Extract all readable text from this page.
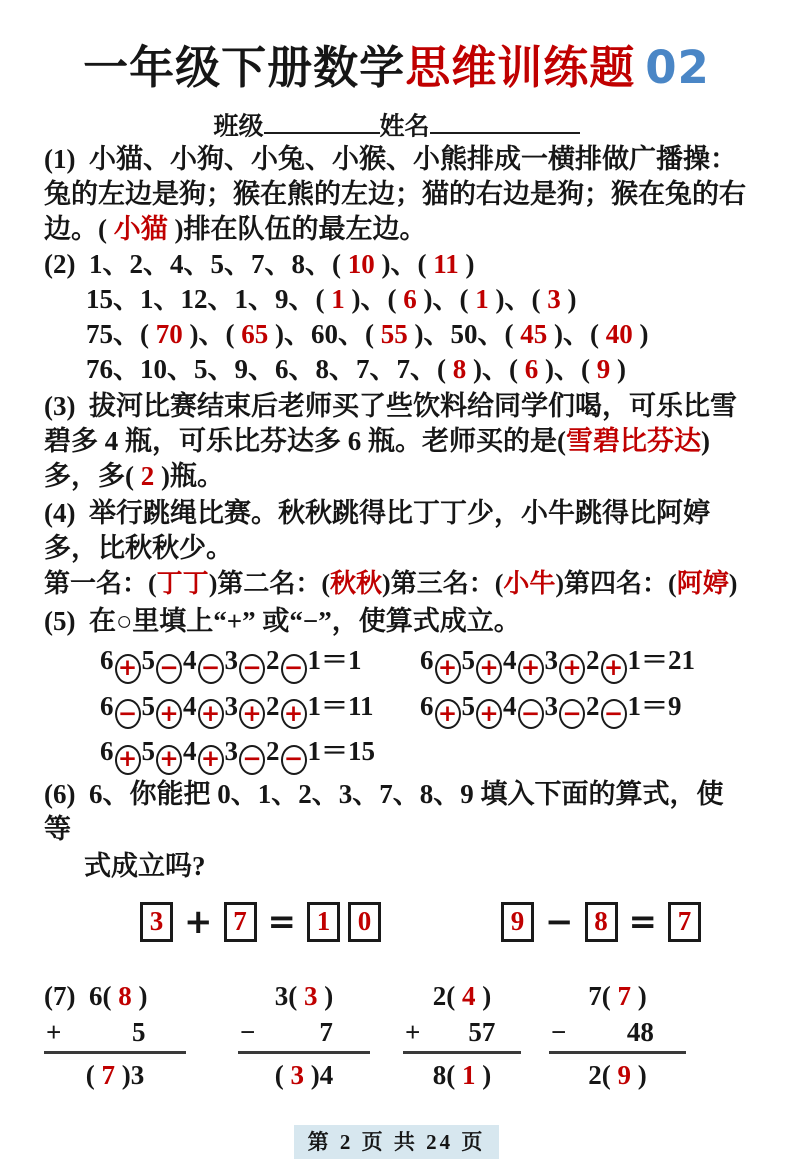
一年级下册数学思维训练题 02
班级	姓名
(1)  小猫、小狗、小兔、小猴、小熊排成一横排做广播操：兔的左边是狗；猴在熊的左边；猫的右边是狗；猴在兔的右边。( 小猫 )排在队伍的最左边。
(2)  1、2、4、5、7、8、( 10 )、( 11 )
15、1、12、1、9、( 1 )、( 6 )、( 1 )、( 3 )
75、( 70 )、( 65 )、60、( 55 )、50、( 45 )、( 40 )
76、10、5、9、6、8、7、7、( 8 )、( 6 )、( 9 )
(3)  拔河比赛结束后老师买了些饮料给同学们喝，可乐比雪碧多 4 瓶，可乐比芬达多 6 瓶。老师买的是(雪碧比芬达)多，多( 2 )瓶。
(4)  举行跳绳比赛。秋秋跳得比丁丁少，小牛跳得比阿婷多，比秋秋少。
第一名：(丁丁)第二名：(秋秋)第三名：(小牛)第四名：(阿婷)
(5)  在○里填上“+” 或“−”，使算式成立。
6 + 5 − 4 − 3 − 2 − 1＝1	6 + 5 + 4 + 3 + 2 + 1＝21
6 − 5 + 4 + 3 + 2 + 1＝11	6 + 5 + 4 − 3 − 2 − 1＝9
6 + 5 + 4 + 3 − 2 − 1＝15
(6)  6、你能把 0、1、2、3、7、8、9 填入下面的算式，使等
式成立吗?
3 + 7 = 1	0	9 − 8 = 7
(7)  6( 8 )
+	5
( 7 )3
3( 3 )
−	7
( 3 )4
2( 4 )
+	57
8( 1 )
7( 7 )
−	48
2( 9 )
第 2 页 共 24 页
